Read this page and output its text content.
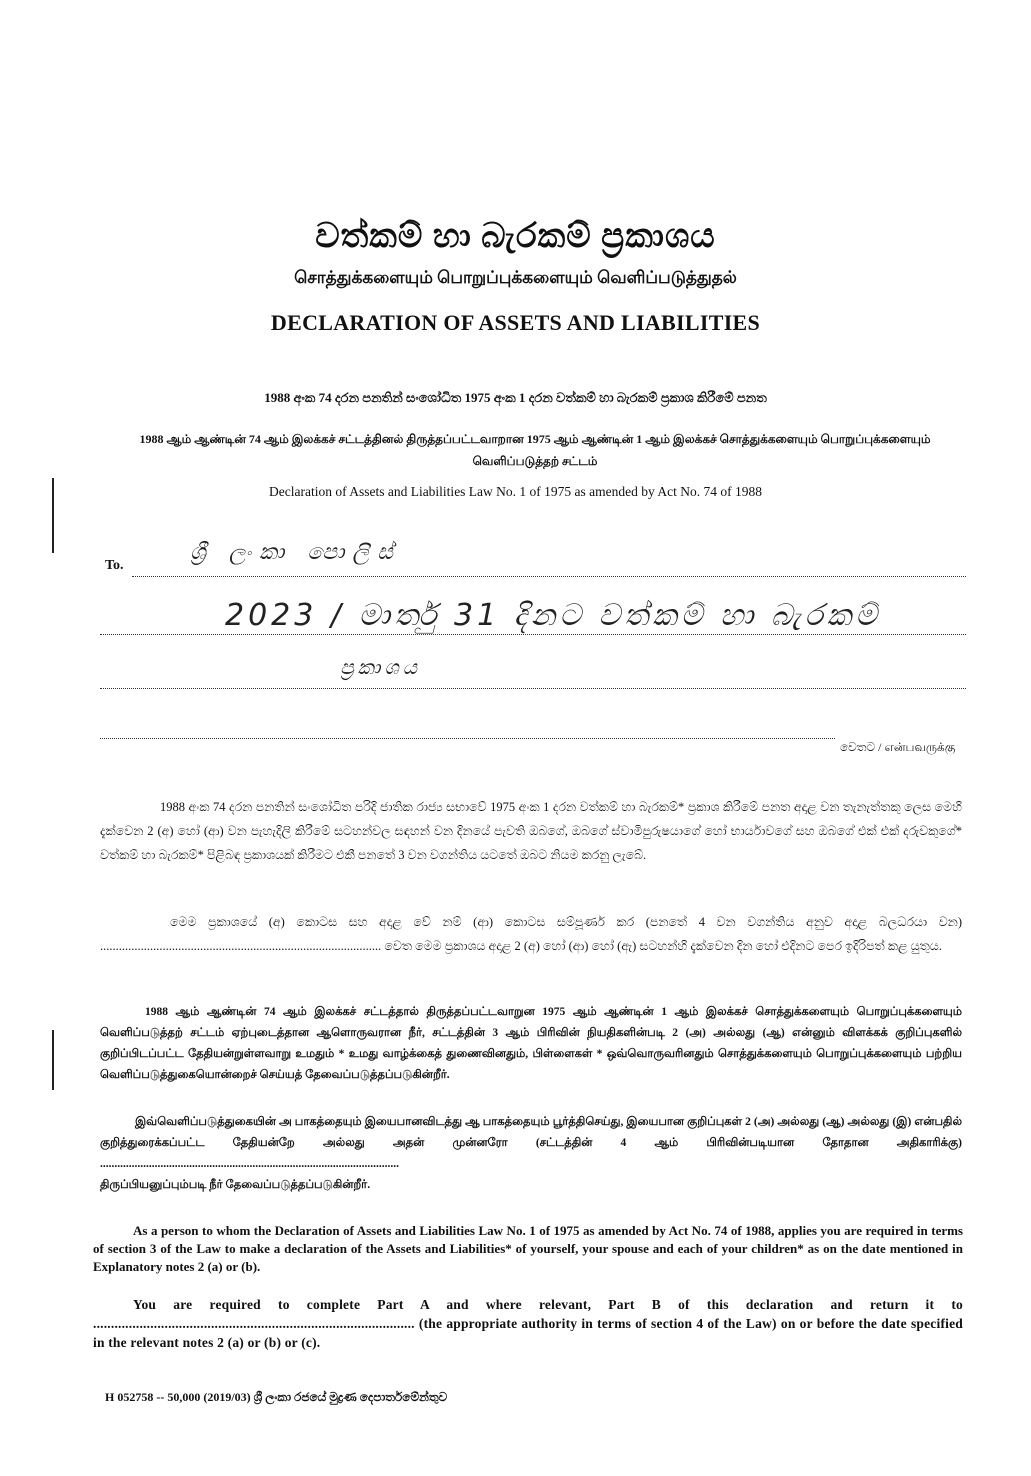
වත්කම් හා බැරකම් ප්‍රකාශය
சொத்துக்களையும் பொறுப்புக்களையும் வெளிப்படுத்துதல்
DECLARATION OF ASSETS AND LIABILITIES
1988 අංක 74 දරන පනතින් සංශෝධිත 1975 අංක 1 දරන වත්කම් හා බැරකම් ප්‍රකාශ කිරීමේ පනත
1988 ஆம் ஆண்டின் 74 ஆம் இலக்கச் சட்டத்தினல் திருத்தப்பட்டவாறான 1975 ஆம் ஆண்டின் 1 ஆம் இலக்கச் சொத்துக்களையும் பொறுப்புக்களையும் வெளிப்படுத்தற் சட்டம்
Declaration of Assets and Liabilities Law No. 1 of 1975 as amended by Act No. 74 of 1988
To.
ශ්‍රී ලංකා පොලිස්
2023 / මාර්තු 31 දිනට වත්කම් හා බැරකම්
ප්‍රකාශය
වෙතට / என்பவருக்கு
1988 අංක 74 දරන පනතින් සංශෝධිත පරිදි ජාතික රාජ්‍ය සභාවේ 1975 අංක 1 දරන වත්කම් හා බැරකම්* ප්‍රකාශ කිරීමේ පනත අදාළ වන තැනැත්තකු ලෙස මෙහි දැක්වෙන 2 (අ) හෝ (ආ) වන පැහැදිලි කිරීමේ සටහන්වල සඳහන් වන දිනයේ පැවති ඔබගේ, ඔබගේ ස්වාමිපුරුෂයාගේ හෝ භාර්යාවගේ සහ ඔබගේ එක් එක් දරුවකුගේ* වත්කම් හා බැරකම්* පිළිබඳ ප්‍රකාශයක් කිරීමට එකී පනතේ 3 වන වගන්තිය යටතේ ඔබට නියම කරනු ලැබේ.
මෙම ප්‍රකාශයේ (අ) කොටස සහ අදාළ වේ නම් (ආ) කොටස සම්පූර්ණ කර (පනතේ 4 වන වගන්තිය අනුව අදාළ බලධරයා වන) .......................................................................................... වෙත මෙම ප්‍රකාශය අදාළ 2 (අ) හෝ (ආ) හෝ (ඇ) සටහන්හි දැක්වෙන දින හෝ එදිනට පෙර ඉදිරිපත් කළ යුතුය.
1988 ஆம் ஆண்டின் 74 ஆம் இலக்கச் சட்டத்தால் திருத்தப்பட்டவாறுன 1975 ஆம் ஆண்டின் 1 ஆம் இலக்கச் சொத்துக்களையும் பொறுப்புக்களையும் வெளிப்படுத்தற் சட்டம் ஏற்புடைத்தான ஆளொருவரான நீர், சட்டத்தின் 3 ஆம் பிரிவின் நியதிகளின்படி 2 (அ) அல்லது (ஆ) என்னும் விளக்கக் குறிப்புகளில் குறிப்பிடப்பட்ட தேதியன்றுள்ளவாறு உமதும் * உமது வாழ்க்கைத் துணைவினதும், பிள்ளைகள் * ஒவ்வொருவரினதும் சொத்துக்களையும் பொறுப்புக்களையும் பற்றிய வெளிப்படுத்துகையொன்றைச் செய்யத் தேவைப்படுத்தப்படுகின்றீர்.
இவ்வெளிப்படுத்துகையின் அ பாகத்தையும் இயைபானவிடத்து ஆ பாகத்தையும் பூர்த்திசெய்து, இயைபான குறிப்புகள் 2 (அ) அல்லது (ஆ) அல்லது (இ) என்பதில் குறித்துரைக்கப்பட்ட தேதியன்றே அல்லது அதன் முன்னரோ (சட்டத்தின் 4 ஆம் பிரிவின்படியான தோதான அதிகாரிக்கு) ........................................................................................................
திருப்பியனுப்பும்படி நீர் தேவைப்படுத்தப்படுகின்றீர்.
As a person to whom the Declaration of Assets and Liabilities Law No. 1 of 1975 as amended by Act No. 74 of 1988, applies you are required in terms of section 3 of the Law to make a declaration of the Assets and Liabilities* of yourself, your spouse and each of your children* as on the date mentioned in Explanatory notes 2 (a) or (b).
You are required to complete Part A and where relevant, Part B of this declaration and return it to .......................................................................................... (the appropriate authority in terms of section 4 of the Law) on or before the date specified in the relevant notes 2 (a) or (b) or (c).
H 052758 -- 50,000 (2019/03) ශ්‍රී ලංකා රජයේ මුද්‍රණ දෙපාර්තමේන්තුව
